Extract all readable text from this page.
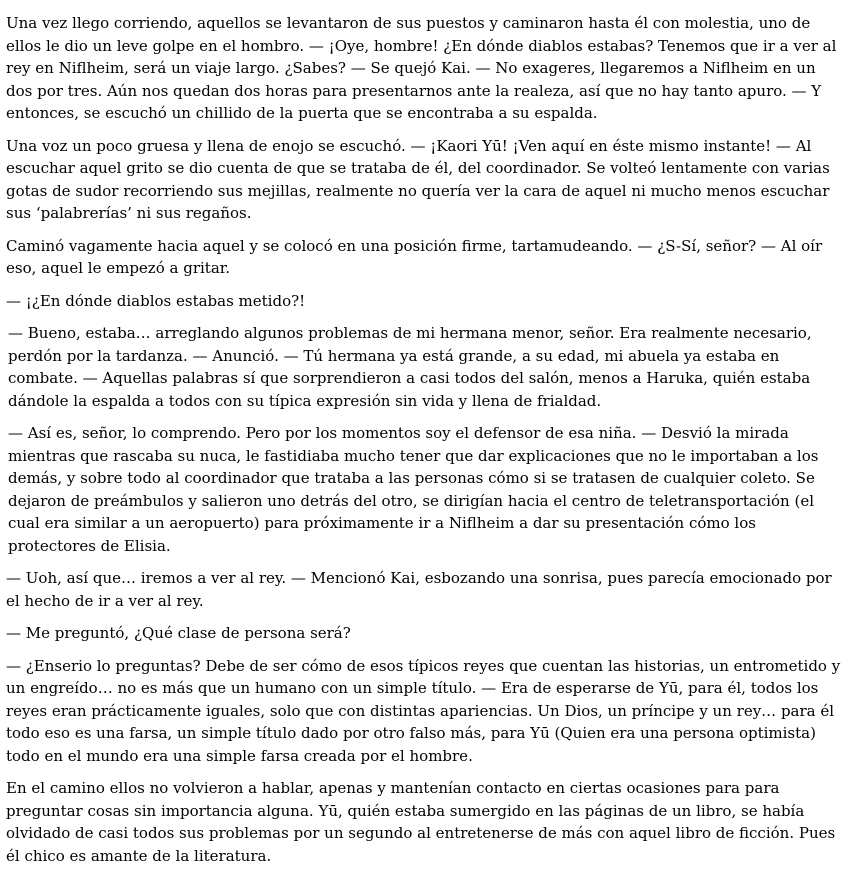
Una vez llego corriendo, aquellos se levantaron de sus puestos y caminaron hasta él con molestia, uno de ellos le dio un leve golpe en el hombro. — ¡Oye, hombre! ¿En dónde diablos estabas? Tenemos que ir a ver al rey en Niflheim, será un viaje largo. ¿Sabes? — Se quejó Kai. — No exageres, llegaremos a Niflheim en un dos por tres. Aún nos quedan dos horas para presentarnos ante la realeza, así que no hay tanto apuro. — Y entonces, se escuchó un chillido de la puerta que se encontraba a su espalda.

Una voz un poco gruesa y llena de enojo se escuchó. — ¡Kaori Yū! ¡Ven aquí en éste mismo instante! — Al escuchar aquel grito se dio cuenta de que se trataba de él, del coordinador. Se volteó lentamente con varias gotas de sudor recorriendo sus mejillas, realmente no quería ver la cara de aquel ni mucho menos escuchar sus ‘palabrerías’ ni sus regaños.

Caminó vagamente hacia aquel y se colocó en una posición firme, tartamudeando. — ¿S-Sí, señor? — Al oír eso, aquel le empezó a gritar.

— ¡¿En dónde diablos estabas metido?!

— Bueno, estaba… arreglando algunos problemas de mi hermana menor, señor. Era realmente necesario, perdón por la tardanza. — Anunció. — Tú hermana ya está grande, a su edad, mi abuela ya estaba en combate. — Aquellas palabras sí que sorprendieron a casi todos del salón, menos a Haruka, quién estaba dándole la espalda a todos con su típica expresión sin vida y llena de frialdad.

— Así es, señor, lo comprendo. Pero por los momentos soy el defensor de esa niña. — Desvió la mirada mientras que rascaba su nuca, le fastidiaba mucho tener que dar explicaciones que no le importaban a los demás, y sobre todo al coordinador que trataba a las personas cómo si se tratasen de cualquier coleto. Se dejaron de preámbulos y salieron uno detrás del otro, se dirigían hacia el centro de teletransportación (el cual era similar a un aeropuerto) para próximamente ir a Niflheim a dar su presentación cómo los protectores de Elisia.

— Uoh, así que… iremos a ver al rey. — Mencionó Kai, esbozando una sonrisa, pues parecía emocionado por el hecho de ir a ver al rey.

— Me preguntó, ¿Qué clase de persona será?

— ¿Enserio lo preguntas? Debe de ser cómo de esos típicos reyes que cuentan las historias, un entrometido y un engreído… no es más que un humano con un simple título. — Era de esperarse de Yū, para él, todos los reyes eran prácticamente iguales, solo que con distintas apariencias. Un Dios, un príncipe y un rey… para él todo eso es una farsa, un simple título dado por otro falso más, para Yū (Quien era una persona optimista) todo en el mundo era una simple farsa creada por el hombre.

En el camino ellos no volvieron a hablar, apenas y mantenían contacto en ciertas ocasiones para para preguntar cosas sin importancia alguna. Yū, quién estaba sumergido en las páginas de un libro, se había olvidado de casi todos sus problemas por un segundo al entretenerse de más con aquel libro de ficción. Pues él chico es amante de la literatura.
